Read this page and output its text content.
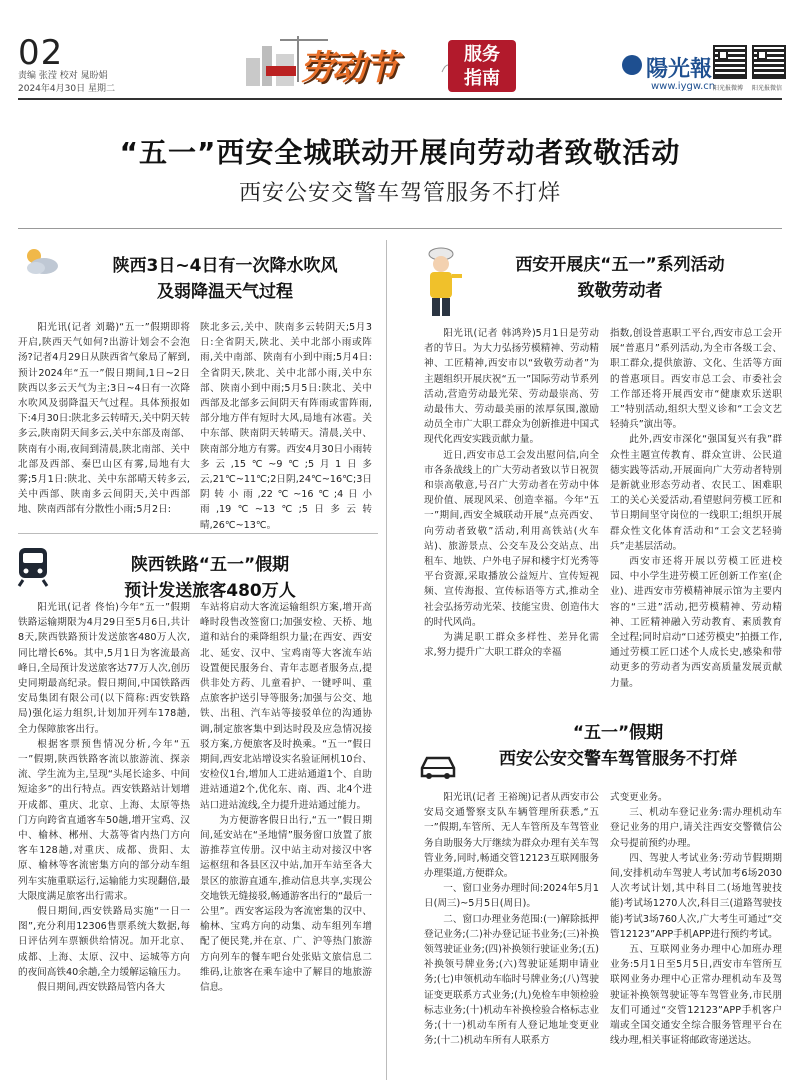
02
责编 张滢 校对 晁盼娟
2024年4月30日 星期二
劳动节	服务
指南	陽光報
www.iygw.cn
阳光报微博 阳光报微信
“五一”西安全城联动开展向劳动者致敬活动
西安公安交警车驾管服务不打烊
陕西3日~4日有一次降水吹风
及弱降温天气过程

阳光讯(记者 刘璐)“五一”假期即将开启,陕西天气如何?出游计划会不会泡汤?记者4月29日从陕西省气象局了解到,预计2024年“五一”假日期间,1日~2日陕西以多云天气为主;3日~4日有一次降水吹风及弱降温天气过程。具体预报如下:4月30日:陕北多云转晴天,关中阴天转多云,陕南阴天间多云,关中东部及南部、陕南有小雨,夜间到清晨,陕北南部、关中北部及西部、秦巴山区有雾,局地有大雾;5月1日:陕北、关中东部晴天转多云,关中西部、陕南多云间阴天,关中西部地、陕南西部有分散性小雨;5月2日:

陕北多云,关中、陕南多云转阴天;5月3日:全省阴天,陕北、关中北部小雨或阵雨,关中南部、陕南有小到中雨;5月4日:全省阴天,陕北、关中北部小雨,关中东部、陕南小到中雨;5月5日:陕北、关中西部及北部多云间阴天有阵雨或雷阵雨,部分地方伴有短时大风,局地有冰雹。关中东部、陕南阴天转晴天。清晨,关中、陕南部分地方有雾。西安4月30日小雨转多云,15℃~9℃;5月1日多云,21℃~11℃;2日阴,24℃~16℃;3日阴转小雨,22℃~16℃;4日小雨,19℃~13℃;5日多云转晴,26℃~13℃。

陕西铁路“五一”假期
预计发送旅客480万人

阳光讯(记者 佟怡)今年“五一”假期铁路运输期限为4月29日至5月6日,共计8天,陕西铁路预计发送旅客480万人次,同比增长6%。其中,5月1日为客流最高峰日,全局预计发送旅客达77万人次,创历史同期最高纪录。假日期间,中国铁路西安局集团有限公司(以下简称:西安铁路局)强化运力组织,计划加开列车178趟,全力保障旅客出行。

根据客票预售情况分析,今年“五一”假期,陕西铁路客流以旅游流、探亲流、学生流为主,呈现“头尾长途多、中间短途多”的出行特点。西安铁路站计划增开成都、重庆、北京、上海、太原等热门方向跨省直通客车50趟,增开宝鸡、汉中、榆林、郴州、大荔等省内热门方向客车128趟,对重庆、成都、贵阳、太原、榆林等客流密集方向的部分动车组列车实施重联运行,运输能力实现翻倍,最大限度满足旅客出行需求。

假日期间,西安铁路局实施“一日一图”,充分利用12306售票系统大数据,每日评估列车票额供给情况。加开北京、成都、上海、太原、汉中、运城等方向的夜间高铁40余趟,全力缓解运输压力。

假日期间,西安铁路局管内各大

车站将启动大客流运输组织方案,增开高峰时段售改签窗口;加强安检、天桥、地道和站台的乘降组织力量;在西安、西安北、延安、汉中、宝鸡南等大客流车站设置便民服务台、青年志愿者服务点,提供非处方药、儿童看护、一键呼叫、重点旅客护送引导等服务;加强与公交、地铁、出租、汽车站等接驳单位的沟通协调,制定旅客集中到达时段及应急情况接驳方案,方便旅客及时换乘。“五一”假日期间,西安北站增设实名验证闸机10台、安检仪1台,增加人工进站通道1个、自助进站通道2个,优化东、南、西、北4个进站口进站流线,全力提升进站通过能力。

为方便游客假日出行,“五一”假日期间,延安站在“圣地情”服务窗口放置了旅游推荐宣传册。汉中站主动对接汉中客运枢纽和各县区汉中站,加开车站至各大景区的旅游直通车,推动信息共享,实现公交地铁无缝接驳,畅通游客出行的“最后一公里”。西安客运段为客流密集的汉中、榆林、宝鸡方向的动集、动车组列车增配了便民凳,并在京、广、沪等热门旅游方向列车的餐车吧台处张贴文旅信息二维码,让旅客在乘车途中了解目的地旅游信息。

西安开展庆“五一”系列活动
致敬劳动者

阳光讯(记者 韩鸿羚)5月1日是劳动者的节日。为大力弘扬劳模精神、劳动精神、工匠精神,西安市以“致敬劳动者”为主题组织开展庆祝“五一”国际劳动节系列活动,营造劳动最光荣、劳动最崇高、劳动最伟大、劳动最美丽的浓厚氛围,激励动员全市广大职工群众为创新推进中国式现代化西安实践贡献力量。

近日,西安市总工会发出慰问信,向全市各条战线上的广大劳动者致以节日祝贺和崇高敬意,号召广大劳动者在劳动中体现价值、展现风采、创造幸福。今年“五一”期间,西安全城联动开展“点亮西安、向劳动者致敬”活动,利用高铁站(火车站)、旅游景点、公交车及公交站点、出租车、地铁、户外电子屏和楼宇灯光秀等平台资源,采取播放公益短片、宣传短视频、宣传海报、宣传标语等方式,推动全社会弘扬劳动光荣、技能宝贵、创造伟大的时代风尚。

为满足职工群众多样性、差异化需求,努力提升广大职工群众的幸福

指数,创设普惠职工平台,西安市总工会开展“普惠月”系列活动,为全市各级工会、职工群众,提供旅游、文化、生活等方面的普惠项目。西安市总工会、市委社会工作部还将开展西安市“健康欢乐送职工”特别活动,组织大型义诊和“工会文艺轻骑兵”演出等。

此外,西安市深化“强国复兴有我”群众性主题宣传教育、群众宣讲、公民道德实践等活动,开展面向广大劳动者特别是新就业形态劳动者、农民工、困难职工的关心关爱活动,看望慰问劳模工匠和节日期间坚守岗位的一线职工;组织开展群众性文化体育活动和“工会文艺轻骑兵”走基层活动。

西安市还将开展以劳模工匠进校园、中小学生进劳模工匠创新工作室(企业)、进西安市劳模精神展示馆为主要内容的“三进”活动,把劳模精神、劳动精神、工匠精神融入劳动教育、素质教育全过程;同时启动“口述劳模史”拍摄工作,通过劳模工匠口述个人成长史,感染和带动更多的劳动者为西安高质量发展贡献力量。

“五一”假期
西安公安交警车驾管服务不打烊

阳光讯(记者 王裕琬)记者从西安市公安局交通警察支队车辆管理所获悉,“五一”假期,车管所、无人车管所及车驾管业务自助服务大厅继续为群众办理有关车驾管业务,同时,畅通交管12123互联网服务办理渠道,方便群众。

一、窗口业务办理时间:2024年5月1日(周三)~5月5日(周日)。

二、窗口办理业务范围:(一)解除抵押登记业务;(二)补办登记证书业务;(三)补换领驾驶证业务;(四)补换领行驶证业务;(五)补换领号牌业务;(六)驾驶证延期申请业务;(七)申领机动车临时号牌业务;(八)驾驶证变更联系方式业务;(九)免检车申领检验标志业务;(十)机动车补换检验合格标志业务;(十一)机动车所有人登记地址变更业务;(十二)机动车所有人联系方

式变更业务。

三、机动车登记业务:需办理机动车登记业务的用户,请关注西安交警微信公众号提前预约办理。

四、驾驶人考试业务:劳动节假期期间,安排机动车驾驶人考试加考6场2030人次考试计划,其中科目二(场地驾驶技能)考试场1270人次,科目三(道路驾驶技能)考试3场760人次,广大考生可通过“交管12123”APP手机APP进行预约考试。

五、互联网业务办理中心加班办理业务:5月1日至5月5日,西安市车管所互联网业务办理中心正常办理机动车及驾驶证补换领驾驶证等车驾管业务,市民朋友们可通过“交管12123”APP手机客户端或全国交通安全综合服务管理平台在线办理,相关事证将邮政寄递送达。
